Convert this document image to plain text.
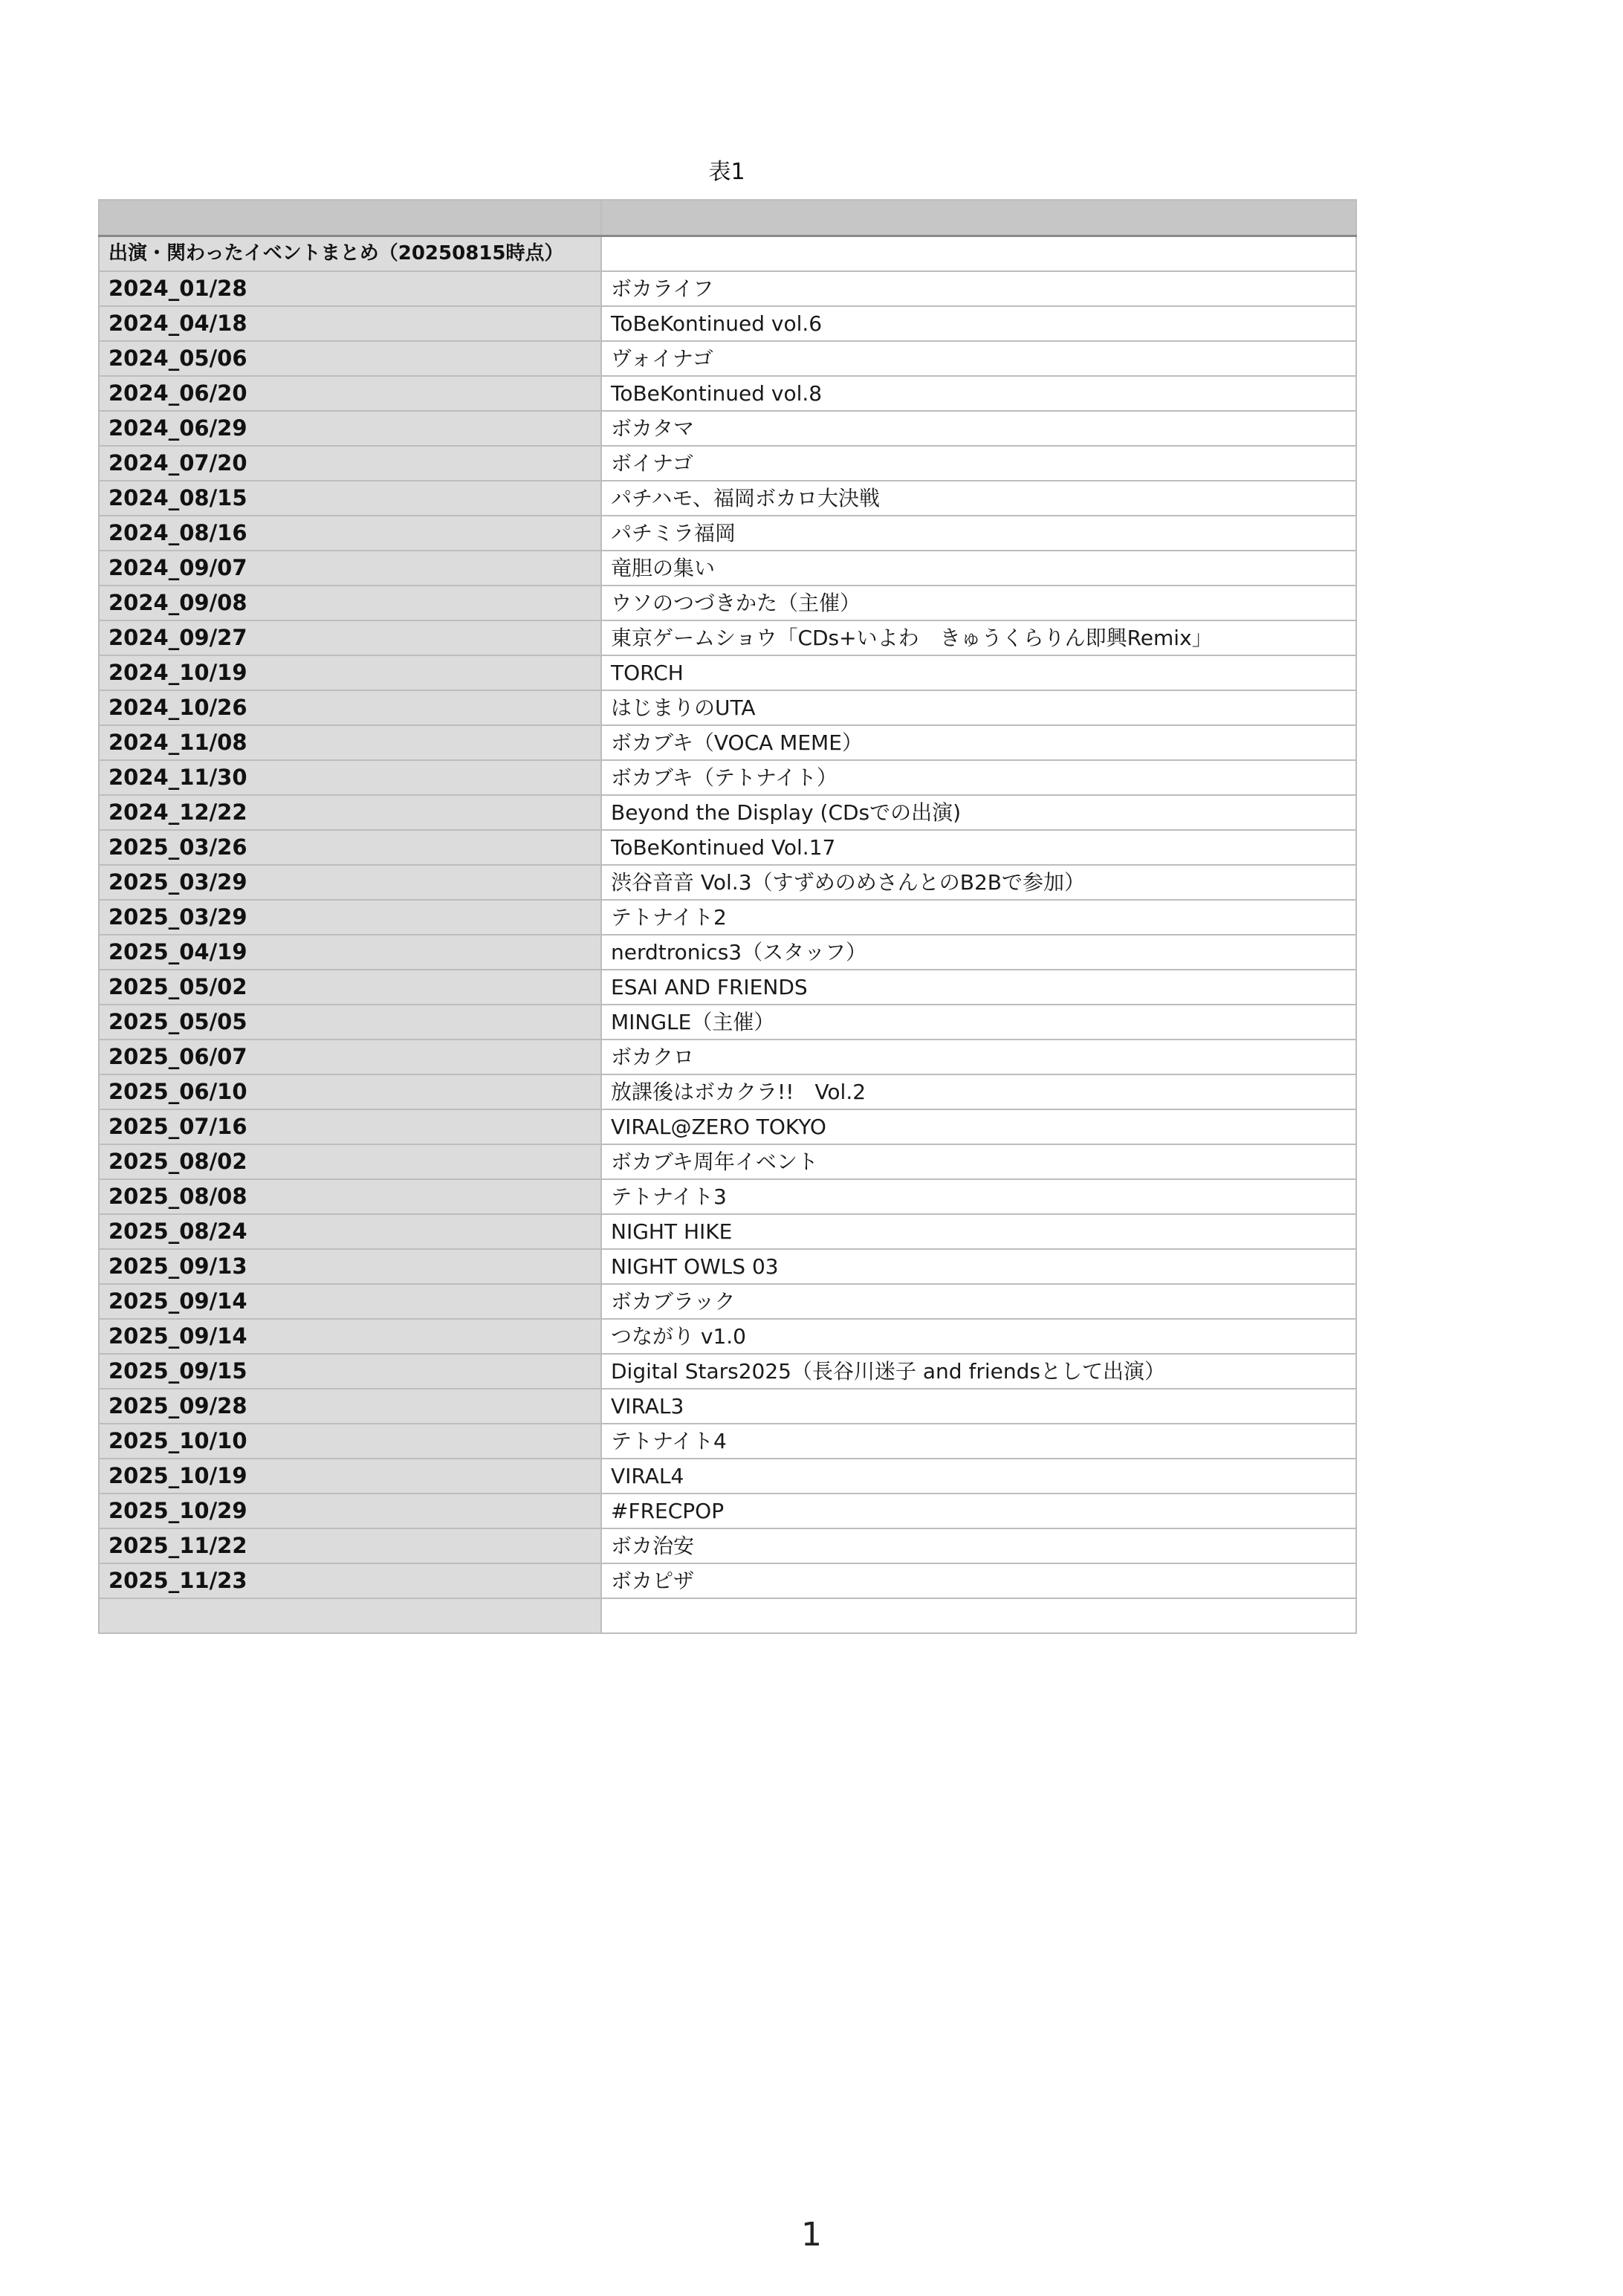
表1

出演・関わったイベントまとめ（20250815時点）	
2024_01/28	ボカライフ
2024_04/18	ToBeKontinued vol.6
2024_05/06	ヴォイナゴ
2024_06/20	ToBeKontinued vol.8
2024_06/29	ボカタマ
2024_07/20	ボイナゴ
2024_08/15	パチハモ、福岡ボカロ大決戦
2024_08/16	パチミラ福岡
2024_09/07	竜胆の集い
2024_09/08	ウソのつづきかた（主催）
2024_09/27	東京ゲームショウ「CDs+いよわ　きゅうくらりん即興Remix」
2024_10/19	TORCH
2024_10/26	はじまりのUTA
2024_11/08	ボカブキ（VOCA MEME）
2024_11/30	ボカブキ（テトナイト）
2024_12/22	Beyond the Display (CDsでの出演)
2025_03/26	ToBeKontinued Vol.17
2025_03/29	渋谷音音 Vol.3（すずめのめさんとのB2Bで参加）
2025_03/29	テトナイト2
2025_04/19	nerdtronics3（スタッフ）
2025_05/02	ESAI AND FRIENDS
2025_05/05	MINGLE（主催）
2025_06/07	ボカクロ
2025_06/10	放課後はボカクラ!!　Vol.2
2025_07/16	VIRAL@ZERO TOKYO
2025_08/02	ボカブキ周年イベント
2025_08/08	テトナイト3
2025_08/24	NIGHT HIKE
2025_09/13	NIGHT OWLS 03
2025_09/14	ボカブラック
2025_09/14	つながり v1.0
2025_09/15	Digital Stars2025（長谷川迷子 and friendsとして出演）
2025_09/28	VIRAL3
2025_10/10	テトナイト4
2025_10/19	VIRAL4
2025_10/29	#FRECPOP
2025_11/22	ボカ治安
2025_11/23	ボカピザ

1
